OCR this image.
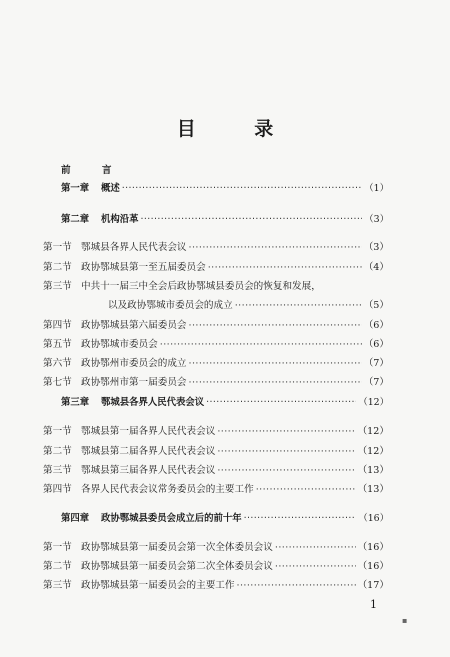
目 录
前 言
第一章	概述 ·····	（1）
第二章	机构沿革 ·····	（3）
第一节 鄂城县各界人民代表会议 ·····	（3）
第二节 政协鄂城县第一至五届委员会 ·····	（4）
第三节 中共十一届三中全会后政协鄂城县委员会的恢复和发展，
以及政协鄂城市委员会的成立 ·····	（5）
第四节 政协鄂城县第六届委员会 ·····	（6）
第五节 政协鄂城市委员会 ·····	（6）
第六节 政协鄂州市委员会的成立 ·····	（7）
第七节 政协鄂州市第一届委员会 ·····	（7）
第三章	鄂城县各界人民代表会议 ·····	（12）
第一节 鄂城县第一届各界人民代表会议 ·····	（12）
第二节 鄂城县第二届各界人民代表会议 ·····	（12）
第三节 鄂城县第三届各界人民代表会议 ·····	（13）
第四节 各界人民代表会议常务委员会的主要工作 ·····	（13）
第四章	政协鄂城县委员会成立后的前十年 ·····	（16）
第一节 政协鄂城县第一届委员会第一次全体委员会议 ·····	（16）
第二节 政协鄂城县第一届委员会第二次全体委员会议 ·····	（16）
第三节 政协鄂城县第一届委员会的主要工作 ·····	（17）
1
▪
